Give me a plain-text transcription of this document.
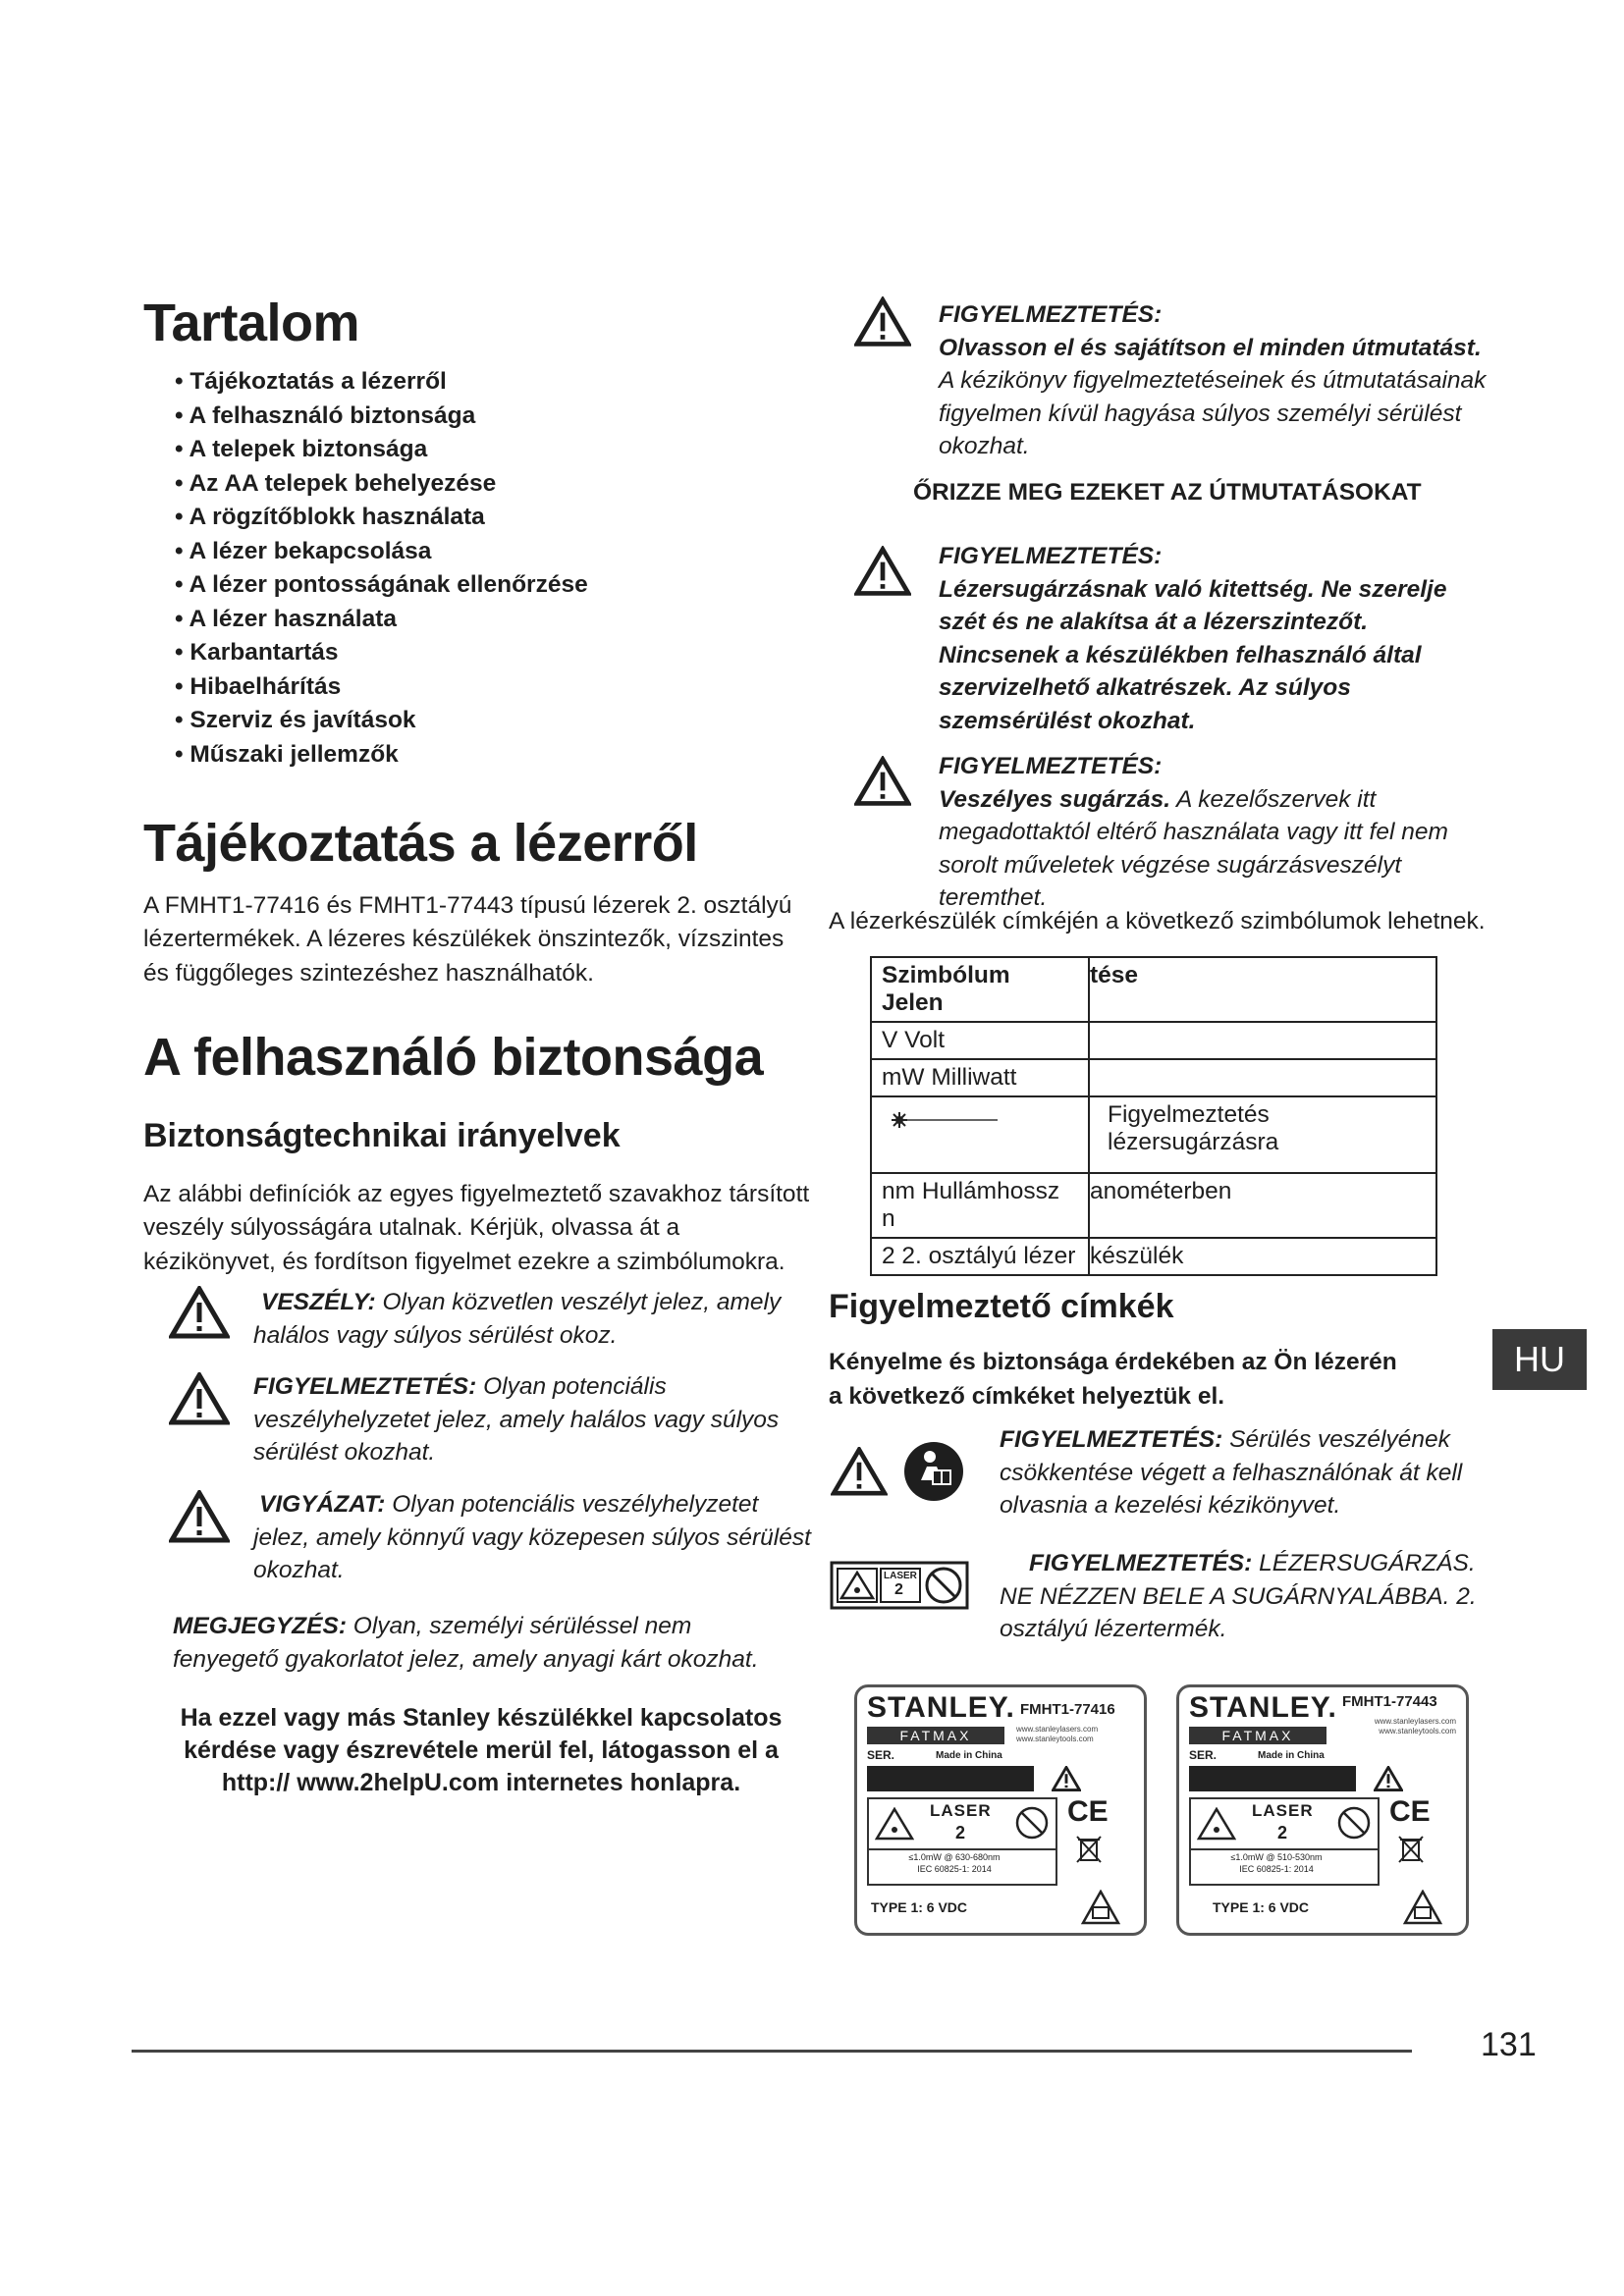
Tartalom
• Tájékoztatás a lézerről
• A felhasználó biztonsága
• A telepek biztonsága
• Az AA telepek behelyezése
• A rögzítőblokk használata
• A lézer bekapcsolása
• A lézer pontosságának ellenőrzése
• A lézer használata
• Karbantartás
• Hibaelhárítás
• Szerviz és javítások
• Műszaki jellemzők
Tájékoztatás a lézerről

A FMHT1-77416 és FMHT1-77443 típusú lézerek 2. osztályú lézertermékek. A lézeres készülékek önszintezők, vízszintes és függőleges szintezéshez használhatók.

A felhasználó biztonsága
Biztonságtechnikai irányelvek

Az alábbi definíciók az egyes figyelmeztető szavakhoz társított veszély súlyosságára utalnak. Kérjük, olvassa át a kézikönyvet, és fordítson figyelmet ezekre a szimbólumokra.

VESZÉLY: Olyan közvetlen veszélyt jelez, amely halálos vagy súlyos sérülést okoz.
FIGYELMEZTETÉS: Olyan potenciális veszélyhelyzetet jelez, amely halálos vagy súlyos sérülést okozhat.
VIGYÁZAT: Olyan potenciális veszélyhelyzetet jelez, amely könnyű vagy közepesen súlyos sérülést okozhat.
MEGJEGYZÉS: Olyan, személyi sérüléssel nem fenyegető gyakorlatot jelez, amely anyagi kárt okozhat.
Ha ezzel vagy más Stanley készülékkel kapcsolatos kérdése vagy észrevétele merül fel, látogasson el a http:// www.2helpU.com internetes honlapra.
FIGYELMEZTETÉS:
Olvasson el és sajátítson el minden útmutatást.
A kézikönyv figyelmeztetéseinek és útmutatásainak figyelmen kívül hagyása súlyos személyi sérülést okozhat.
ŐRIZZE MEG EZEKET AZ ÚTMUTATÁSOKAT
FIGYELMEZTETÉS:
Lézersugárzásnak való kitettség. Ne szerelje szét és ne alakítsa át a lézerszintezőt. Nincsenek a készülékben felhasználó által szervizelhető alkatrészek. Az súlyos szemsérülést okozhat.
FIGYELMEZTETÉS:
Veszélyes sugárzás. A kezelőszervek itt megadottaktól eltérő használata vagy itt fel nem sorolt műveletek végzése sugárzásveszélyt teremthet.

A lézerkészülék címkéjén a következő szimbólumok lehetnek.

Szimbólum Jelen	tése
V Volt	
mW Milliwatt	
	Figyelmeztetés lézersugárzásra
nm Hullámhossz n	anométerben
2 2. osztályú lézer	készülék
Figyelmeztető címkék

Kényelme és biztonsága érdekében az Ön lézerén a következő címkéket helyeztük el.

FIGYELMEZTETÉS: Sérülés veszélyének csökkentése végett a felhasználónak át kell olvasnia a kezelési kézikönyvet.
LASER
2
FIGYELMEZTETÉS: LÉZERSUGÁRZÁS. NE NÉZZEN BELE A SUGÁRNYALÁBBA. 2. osztályú lézertermék.
STANLEY. FMHT1-77416
FATMAX	www.stanleylasers.com www.stanleytools.com
SER.	Made in China
LASER
2
CE
≤1.0mW @ 630-680nm
IEC 60825-1: 2014
TYPE 1: 6 VDC
STANLEY. FMHT1-77443
FATMAX
www.stanleylasers.com www.stanleytools.com
SER.	Made in China
LASER
2
CE
≤1.0mW @ 510-530nm
IEC 60825-1: 2014
TYPE 1: 6 VDC
HU
131
